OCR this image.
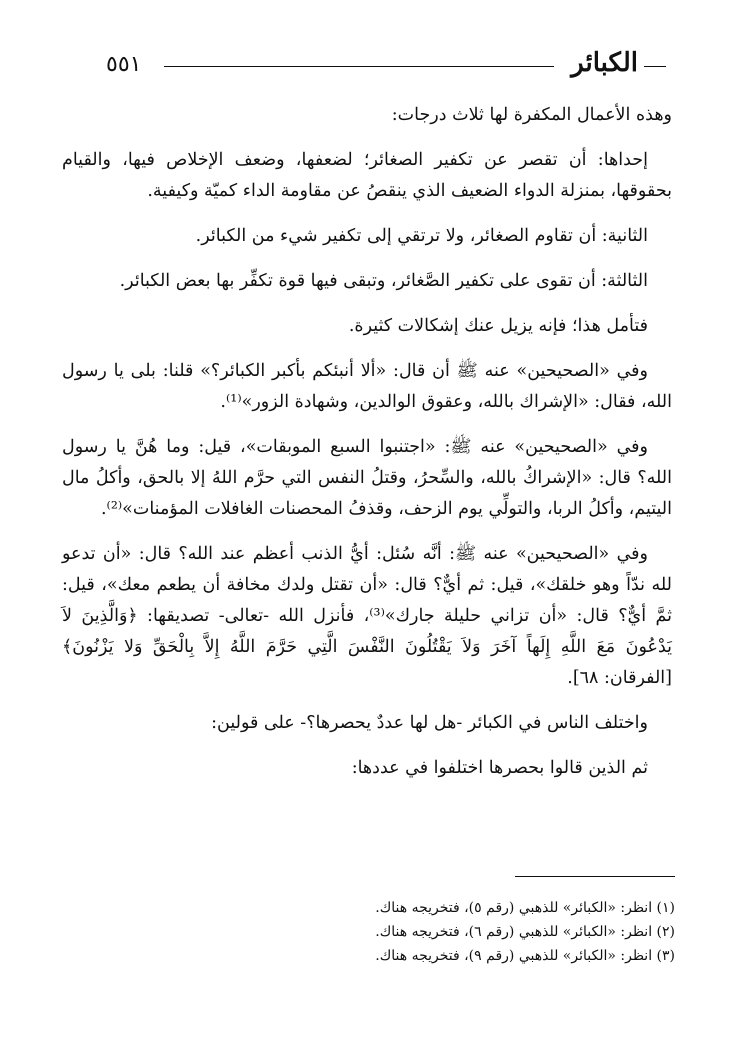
٥٥١	الكبائر

وهذه الأعمال المكفرة لها ثلاث درجات:

إحداها: أن تقصر عن تكفير الصغائر؛ لضعفها، وضعف الإخلاص فيها، والقيام بحقوقها، بمنزلة الدواء الضعيف الذي ينقصُ عن مقاومة الداء كميّة وكيفية.

الثانية: أن تقاوم الصغائر، ولا ترتقي إلى تكفير شيء من الكبائر.

الثالثة: أن تقوى على تكفير الصَّغائر، وتبقى فيها قوة تكفِّر بها بعض الكبائر.

فتأمل هذا؛ فإنه يزيل عنك إشكالات كثيرة.

وفي «الصحيحين» عنه ﷺ أن قال: «ألا أنبئكم بأكبر الكبائر؟» قلنا: بلى يا رسول الله، فقال: «الإشراك بالله، وعقوق الوالدين، وشهادة الزور»⁽¹⁾.

وفي «الصحيحين» عنه ﷺ: «اجتنبوا السبع الموبقات»، قيل: وما هُنَّ يا رسول الله؟ قال: «الإشراكُ بالله، والسِّحرُ، وقتلُ النفس التي حرَّم اللهُ إلا بالحق، وأكلُ مال اليتيم، وأكلُ الربا، والتولِّي يوم الزحف، وقذفُ المحصنات الغافلات المؤمنات»⁽²⁾.

وفي «الصحيحين» عنه ﷺ: أنَّه سُئل: أيُّ الذنب أعظم عند الله؟ قال: «أن تدعو لله ندّاً وهو خلقك»، قيل: ثم أيٌّ؟ قال: «أن تقتل ولدك مخافة أن يطعم معك»، قيل: ثمَّ أيٌّ؟ قال: «أن تزاني حليلة جارك»⁽³⁾، فأنزل الله -تعالى- تصديقها: ﴿وَالَّذِينَ لاَ يَدْعُونَ مَعَ اللَّهِ إِلَهاً آخَرَ وَلاَ يَقْتُلُونَ النَّفْسَ الَّتِي حَرَّمَ اللَّهُ إِلاَّ بِالْحَقِّ وَلا يَزْنُونَ﴾ [الفرقان: ٦٨].

واختلف الناس في الكبائر -هل لها عددٌ يحصرها؟- على قولين:

ثم الذين قالوا بحصرها اختلفوا في عددها:

(١) انظر: «الكبائر» للذهبي (رقم ٥)، فتخريجه هناك.

(٢) انظر: «الكبائر» للذهبي (رقم ٦)، فتخريجه هناك.

(٣) انظر: «الكبائر» للذهبي (رقم ٩)، فتخريجه هناك.
